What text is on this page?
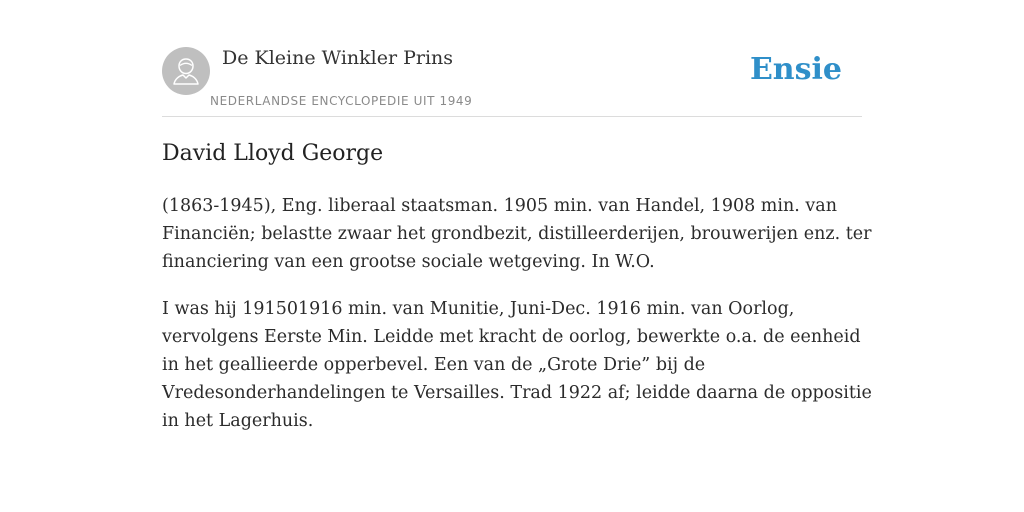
De Kleine Winkler Prins
NEDERLANDSE ENCYCLOPEDIE UIT 1949
Ensie
David Lloyd George

(1863-1945), Eng. liberaal staatsman. 1905 min. van Handel, 1908 min. van Financiën; belastte zwaar het grondbezit, distilleerderijen, brouwerijen enz. ter financiering van een grootse sociale wetgeving. In W.O.

I was hij 191501916 min. van Munitie, Juni-Dec. 1916 min. van Oorlog, vervolgens Eerste Min. Leidde met kracht de oorlog, bewerkte o.a. de eenheid in het geallieerde opperbevel. Een van de „Grote Drie” bij de Vredesonderhandelingen te Versailles. Trad 1922 af; leidde daarna de oppositie in het Lagerhuis.
